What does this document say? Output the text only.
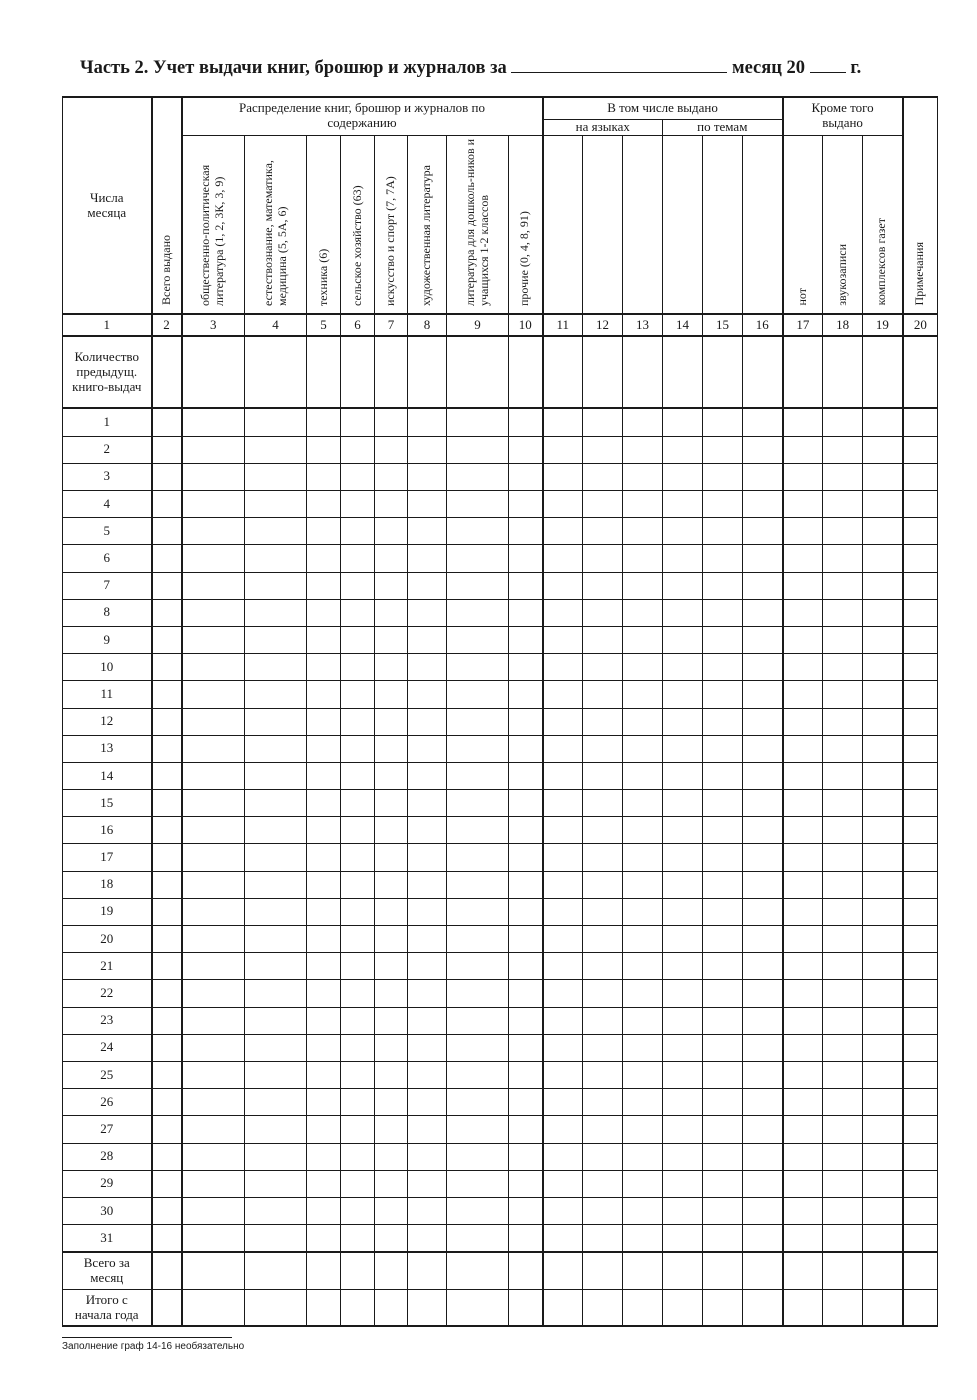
Часть 2. Учет выдачи книг, брошюр и журналов за	месяц 20 г.
Числа месяца	Всего выдано	Распределение книг, брошюр и журналов по содержанию								В том числе выдано						Кроме того выдано			Примечания
										на языках			по темам						
		общественно-политическая литература (1, 2, 3К, 3, 9)	естествознание, математика, медицина (5, 5А, 6)	техника (6)	сельское хозяйство (63)	искусство и спорт (7, 7А)	художественная литература	литература для дошколь-ников и учащихся 1-2 классов	прочие (0, 4, 8, 91)							нот	звукозаписи	комплексов газет	
1	2	3	4	5	6	7	8	9	10	11	12	13	14	15	16	17	18	19	20
Количество предыдущ. книго-выдач																			
1																			
2																			
3																			
4																			
5																			
6																			
7																			
8																			
9																			
10																			
11																			
12																			
13																			
14																			
15																			
16																			
17																			
18																			
19																			
20																			
21																			
22																			
23																			
24																			
25																			
26																			
27																			
28																			
29																			
30																			
31																			
Всего за месяц																			
Итого с начала года																			
Заполнение граф 14-16 необязательно
